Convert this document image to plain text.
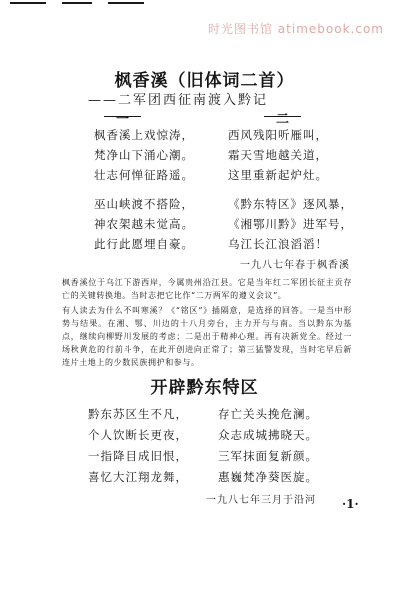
时光图书馆 atimebook.com
枫香溪（旧体词二首）
——二军团西征南渡入黔记
一	二
枫香溪上戏惊涛，
梵净山下涌心潮。
壮志何惮征路遥。
巫山峡渡不搭险，
神农架越未觉高。
此行此愿埋自豪。
西风残阳听雁叫，
霜天雪地越关道，
这里重新起炉灶。
《黔东特区》逐风暴，
《湘鄂川黔》进军号，
乌江长江浪滔滔！
一九八七年春于枫香溪
枫香溪位于乌江下游西岸，今属贵州沿江县。它是当年红二军团长征主贡存亡的关键转换地。当时志把它比作“二万两军的遵义会议”。
有人读去为什么不叫寒溪？《“铭区”》插隔意，是选择的回答。一是当中形势与结果。在湘、鄂、川边的十八月旁台，主力开与与南。当以黔东为基点，继续向柳野川发展的考虑；二是出于精神心理。再有决新党全。经过一场秋黄危的行前斗争，在此开创进向正常了；第三猛警发现，当时宅早后新连片土地上的少数民族拥护和参与。
开辟黔东特区
黔东苏区生不凡，
个人饮断长更夜，
一指降目成旧恨，
喜忆大江翔龙舞，
存亡关头挽危澜。
众志成城拂晓天。
三军抹面复新颜。
惠巍梵净葵医旋。
一九八七年三月于沿河 ·1·
